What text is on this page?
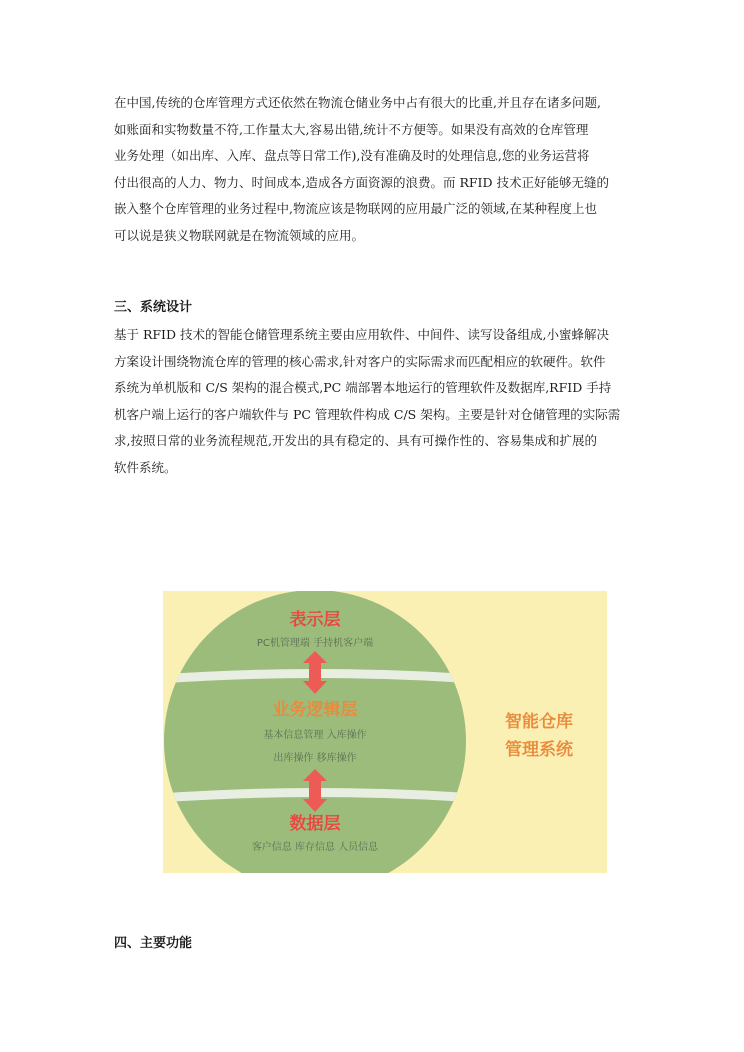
在中国,传统的仓库管理方式还依然在物流仓储业务中占有很大的比重,并且存在诸多问题,
如账面和实物数量不符,工作量太大,容易出错,统计不方便等。如果没有高效的仓库管理
业务处理（如出库、入库、盘点等日常工作),没有准确及时的处理信息,您的业务运营将
付出很高的人力、物力、时间成本,造成各方面资源的浪费。而 RFID 技术正好能够无缝的
嵌入整个仓库管理的业务过程中,物流应该是物联网的应用最广泛的领域,在某种程度上也
可以说是狭义物联网就是在物流领域的应用。
三、系统设计
基于 RFID 技术的智能仓储管理系统主要由应用软件、中间件、读写设备组成,小蜜蜂解决
方案设计围绕物流仓库的管理的核心需求,针对客户的实际需求而匹配相应的软硬件。软件
系统为单机版和 C/S 架构的混合模式,PC 端部署本地运行的管理软件及数据库,RFID 手持
机客户端上运行的客户端软件与 PC 管理软件构成 C/S 架构。主要是针对仓储管理的实际需
求,按照日常的业务流程规范,开发出的具有稳定的、具有可操作性的、容易集成和扩展的
软件系统。
表示层
PC机管理端 手持机客户端
业务逻辑层
基本信息管理 入库操作
出库操作 移库操作
数据层
客户信息 库存信息 人员信息
智能仓库
管理系统
四、主要功能
